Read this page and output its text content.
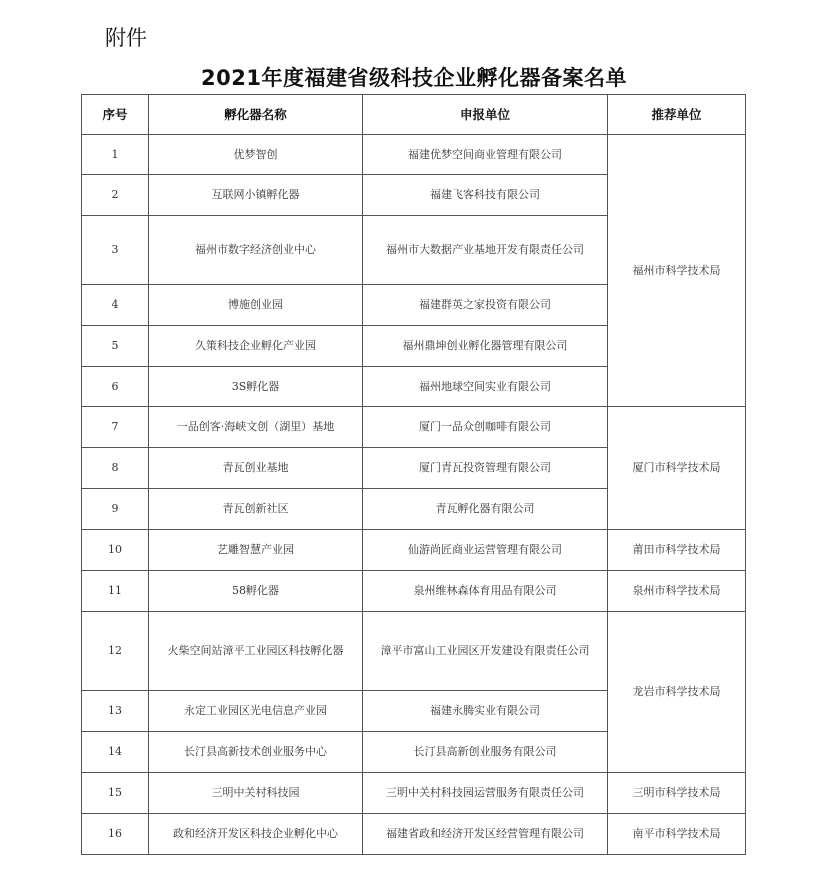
附件
2021年度福建省级科技企业孵化器备案名单
序号	孵化器名称	申报单位	推荐单位
1	优梦智创	福建优梦空间商业管理有限公司	福州市科学技术局
2	互联网小镇孵化器	福建飞客科技有限公司	
3	福州市数字经济创业中心	福州市大数据产业基地开发有限责任公司	
4	博施创业园	福建群英之家投资有限公司	
5	久策科技企业孵化产业园	福州鼎坤创业孵化器管理有限公司	
6	3S孵化器	福州地球空间实业有限公司	
7	一品创客·海峡文创（湖里）基地	厦门一品众创咖啡有限公司	厦门市科学技术局
8	青瓦创业基地	厦门青瓦投资管理有限公司	
9	青瓦创新社区	青瓦孵化器有限公司	
10	艺雕智慧产业园	仙游尚匠商业运营管理有限公司	莆田市科学技术局
11	58孵化器	泉州维林森体育用品有限公司	泉州市科学技术局
12	火柴空间站漳平工业园区科技孵化器	漳平市富山工业园区开发建设有限责任公司	龙岩市科学技术局
13	永定工业园区光电信息产业园	福建永腾实业有限公司	
14	长汀县高新技术创业服务中心	长汀县高新创业服务有限公司	
15	三明中关村科技园	三明中关村科技园运营服务有限责任公司	三明市科学技术局
16	政和经济开发区科技企业孵化中心	福建省政和经济开发区经营管理有限公司	南平市科学技术局
